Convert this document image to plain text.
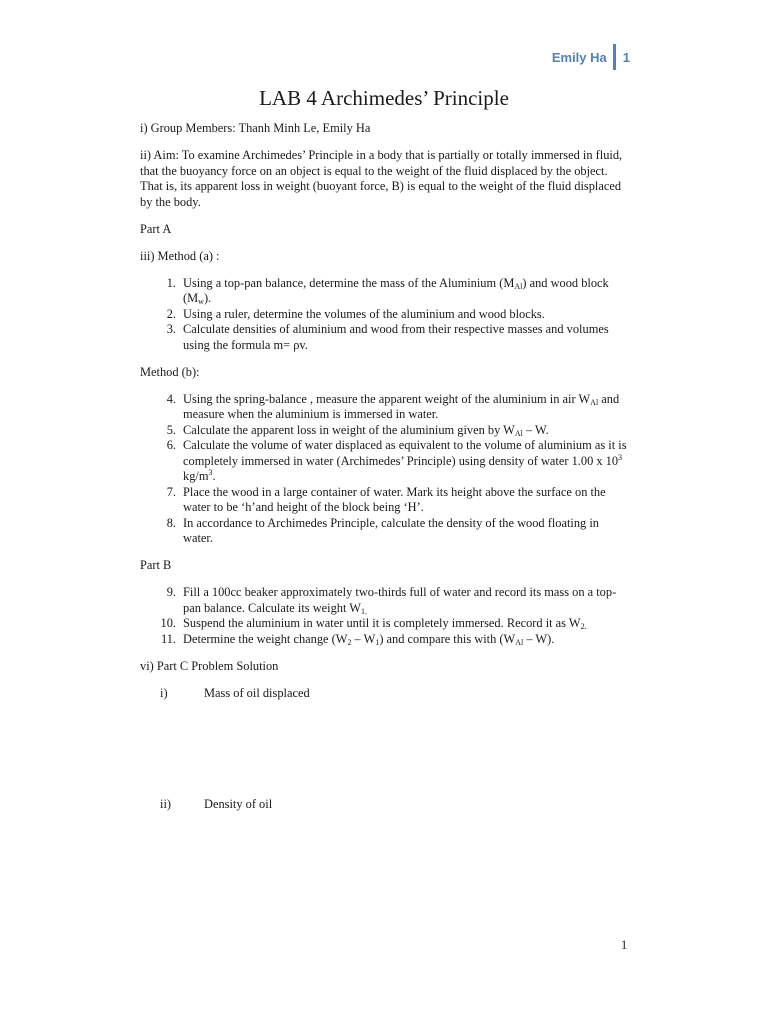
Emily Ha 1
LAB 4 Archimedes’ Principle

i) Group Members: Thanh Minh Le, Emily Ha

ii) Aim: To examine Archimedes’ Principle in a body that is partially or totally immersed in fluid, that the buoyancy force on an object is equal to the weight of the fluid displaced by the object. That is, its apparent loss in weight (buoyant force, B) is equal to the weight of the fluid displaced by the body.

Part A

iii) Method (a) :

1. Using a top-pan balance, determine the mass of the Aluminium $(M_{Al})$ and wood block $(M_w)$.
2. Using a ruler, determine the volumes of the aluminium and wood blocks.
3. Calculate densities of aluminium and wood from their respective masses and volumes using the formula m= ρv.

Method (b):

4. Using the spring-balance , measure the apparent weight of the aluminium in air $W_{Al}$ and measure when the aluminium is immersed in water.
5. Calculate the apparent loss in weight of the aluminium given by $W_{Al}$ – W.
6. Calculate the volume of water displaced as equivalent to the volume of aluminium as it is completely immersed in water (Archimedes’ Principle) using density of water 1.00 x $10^3$ $kg/m^3$.
7. Place the wood in a large container of water. Mark its height above the surface on the water to be ‘h’and height of the block being ‘H’.
8. In accordance to Archimedes Principle, calculate the density of the wood floating in water.

Part B

9. Fill a 100cc beaker approximately two-thirds full of water and record its mass on a top-pan balance. Calculate its weight $W_{1.}$
10. Suspend the aluminium in water until it is completely immersed. Record it as $W_{2.}$
11. Determine the weight change $(W_2 - W_1)$ and compare this with $(W_{Al} - W)$.

vi) Part C Problem Solution

i)	Mass of oil displaced
ii)	Density of oil
1
